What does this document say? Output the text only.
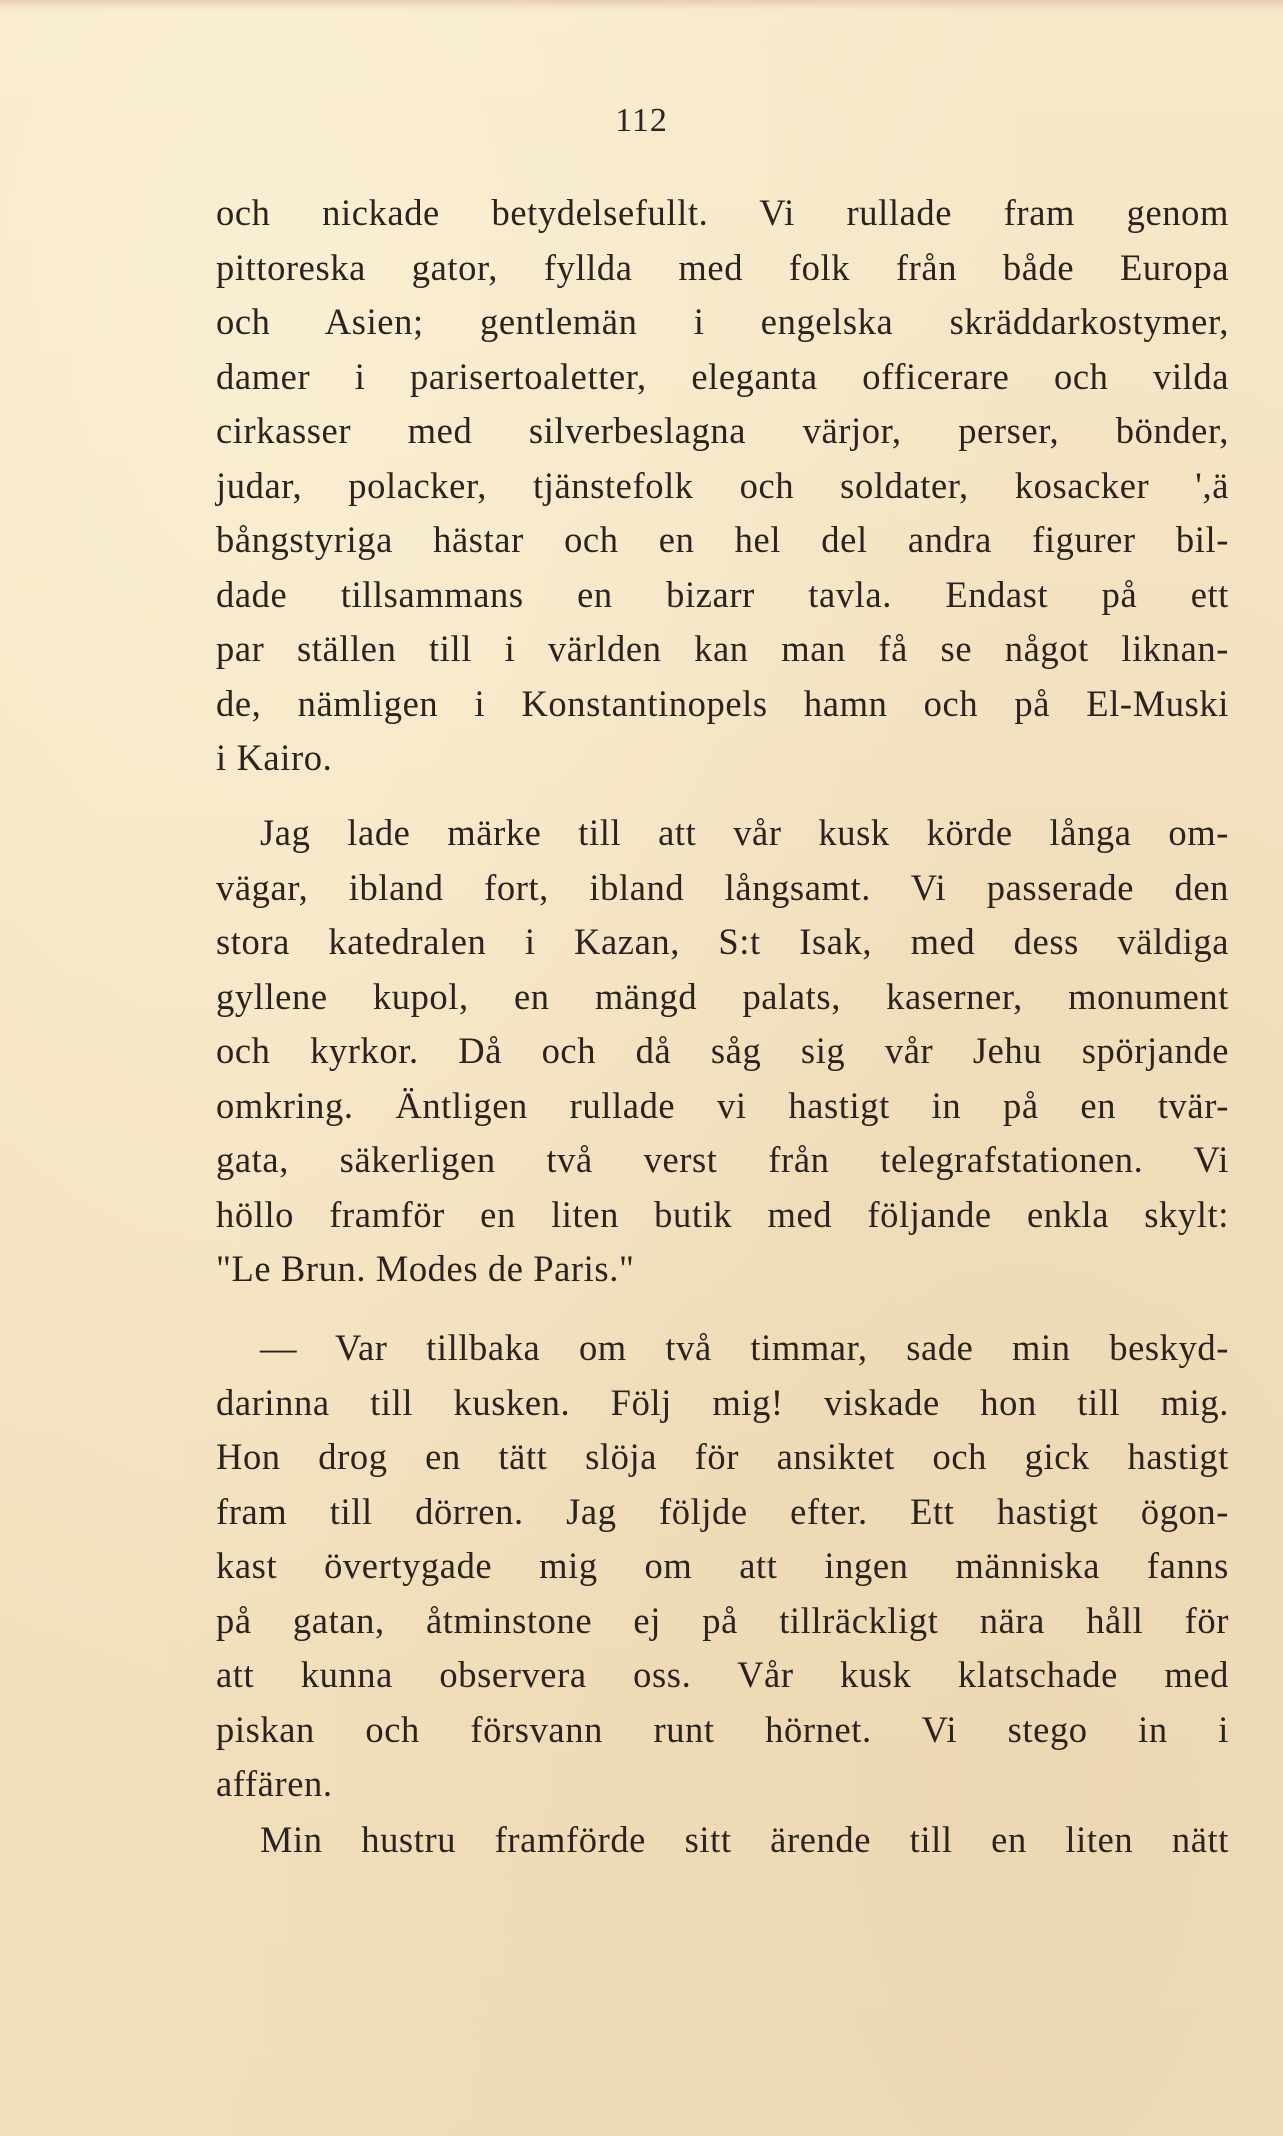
112
och nickade betydelsefullt. Vi rullade fram genom
pittoreska gator, fyllda med folk från både Europa
och Asien; gentlemän i engelska skräddarkostymer,
damer i parisertoaletter, eleganta officerare och vilda
cirkasser med silverbeslagna värjor, perser, bönder,
judar, polacker, tjänstefolk och soldater, kosacker ',ä
bångstyriga hästar och en hel del andra figurer bil-
dade tillsammans en bizarr tavla. Endast på ett
par ställen till i världen kan man få se något liknan-
de, nämligen i Konstantinopels hamn och på El-Muski
i Kairo.
Jag lade märke till att vår kusk körde långa om-
vägar, ibland fort, ibland långsamt. Vi passerade den
stora katedralen i Kazan, S:t Isak, med dess väldiga
gyllene kupol, en mängd palats, kaserner, monument
och kyrkor. Då och då såg sig vår Jehu spörjande
omkring. Äntligen rullade vi hastigt in på en tvär-
gata, säkerligen två verst från telegrafstationen. Vi
höllo framför en liten butik med följande enkla skylt:
"Le Brun. Modes de Paris."
— Var tillbaka om två timmar, sade min beskyd-
darinna till kusken. Följ mig! viskade hon till mig.
Hon drog en tätt slöja för ansiktet och gick hastigt
fram till dörren. Jag följde efter. Ett hastigt ögon-
kast övertygade mig om att ingen människa fanns
på gatan, åtminstone ej på tillräckligt nära håll för
att kunna observera oss. Vår kusk klatschade med
piskan och försvann runt hörnet. Vi stego in i
affären.
Min hustru framförde sitt ärende till en liten nätt
